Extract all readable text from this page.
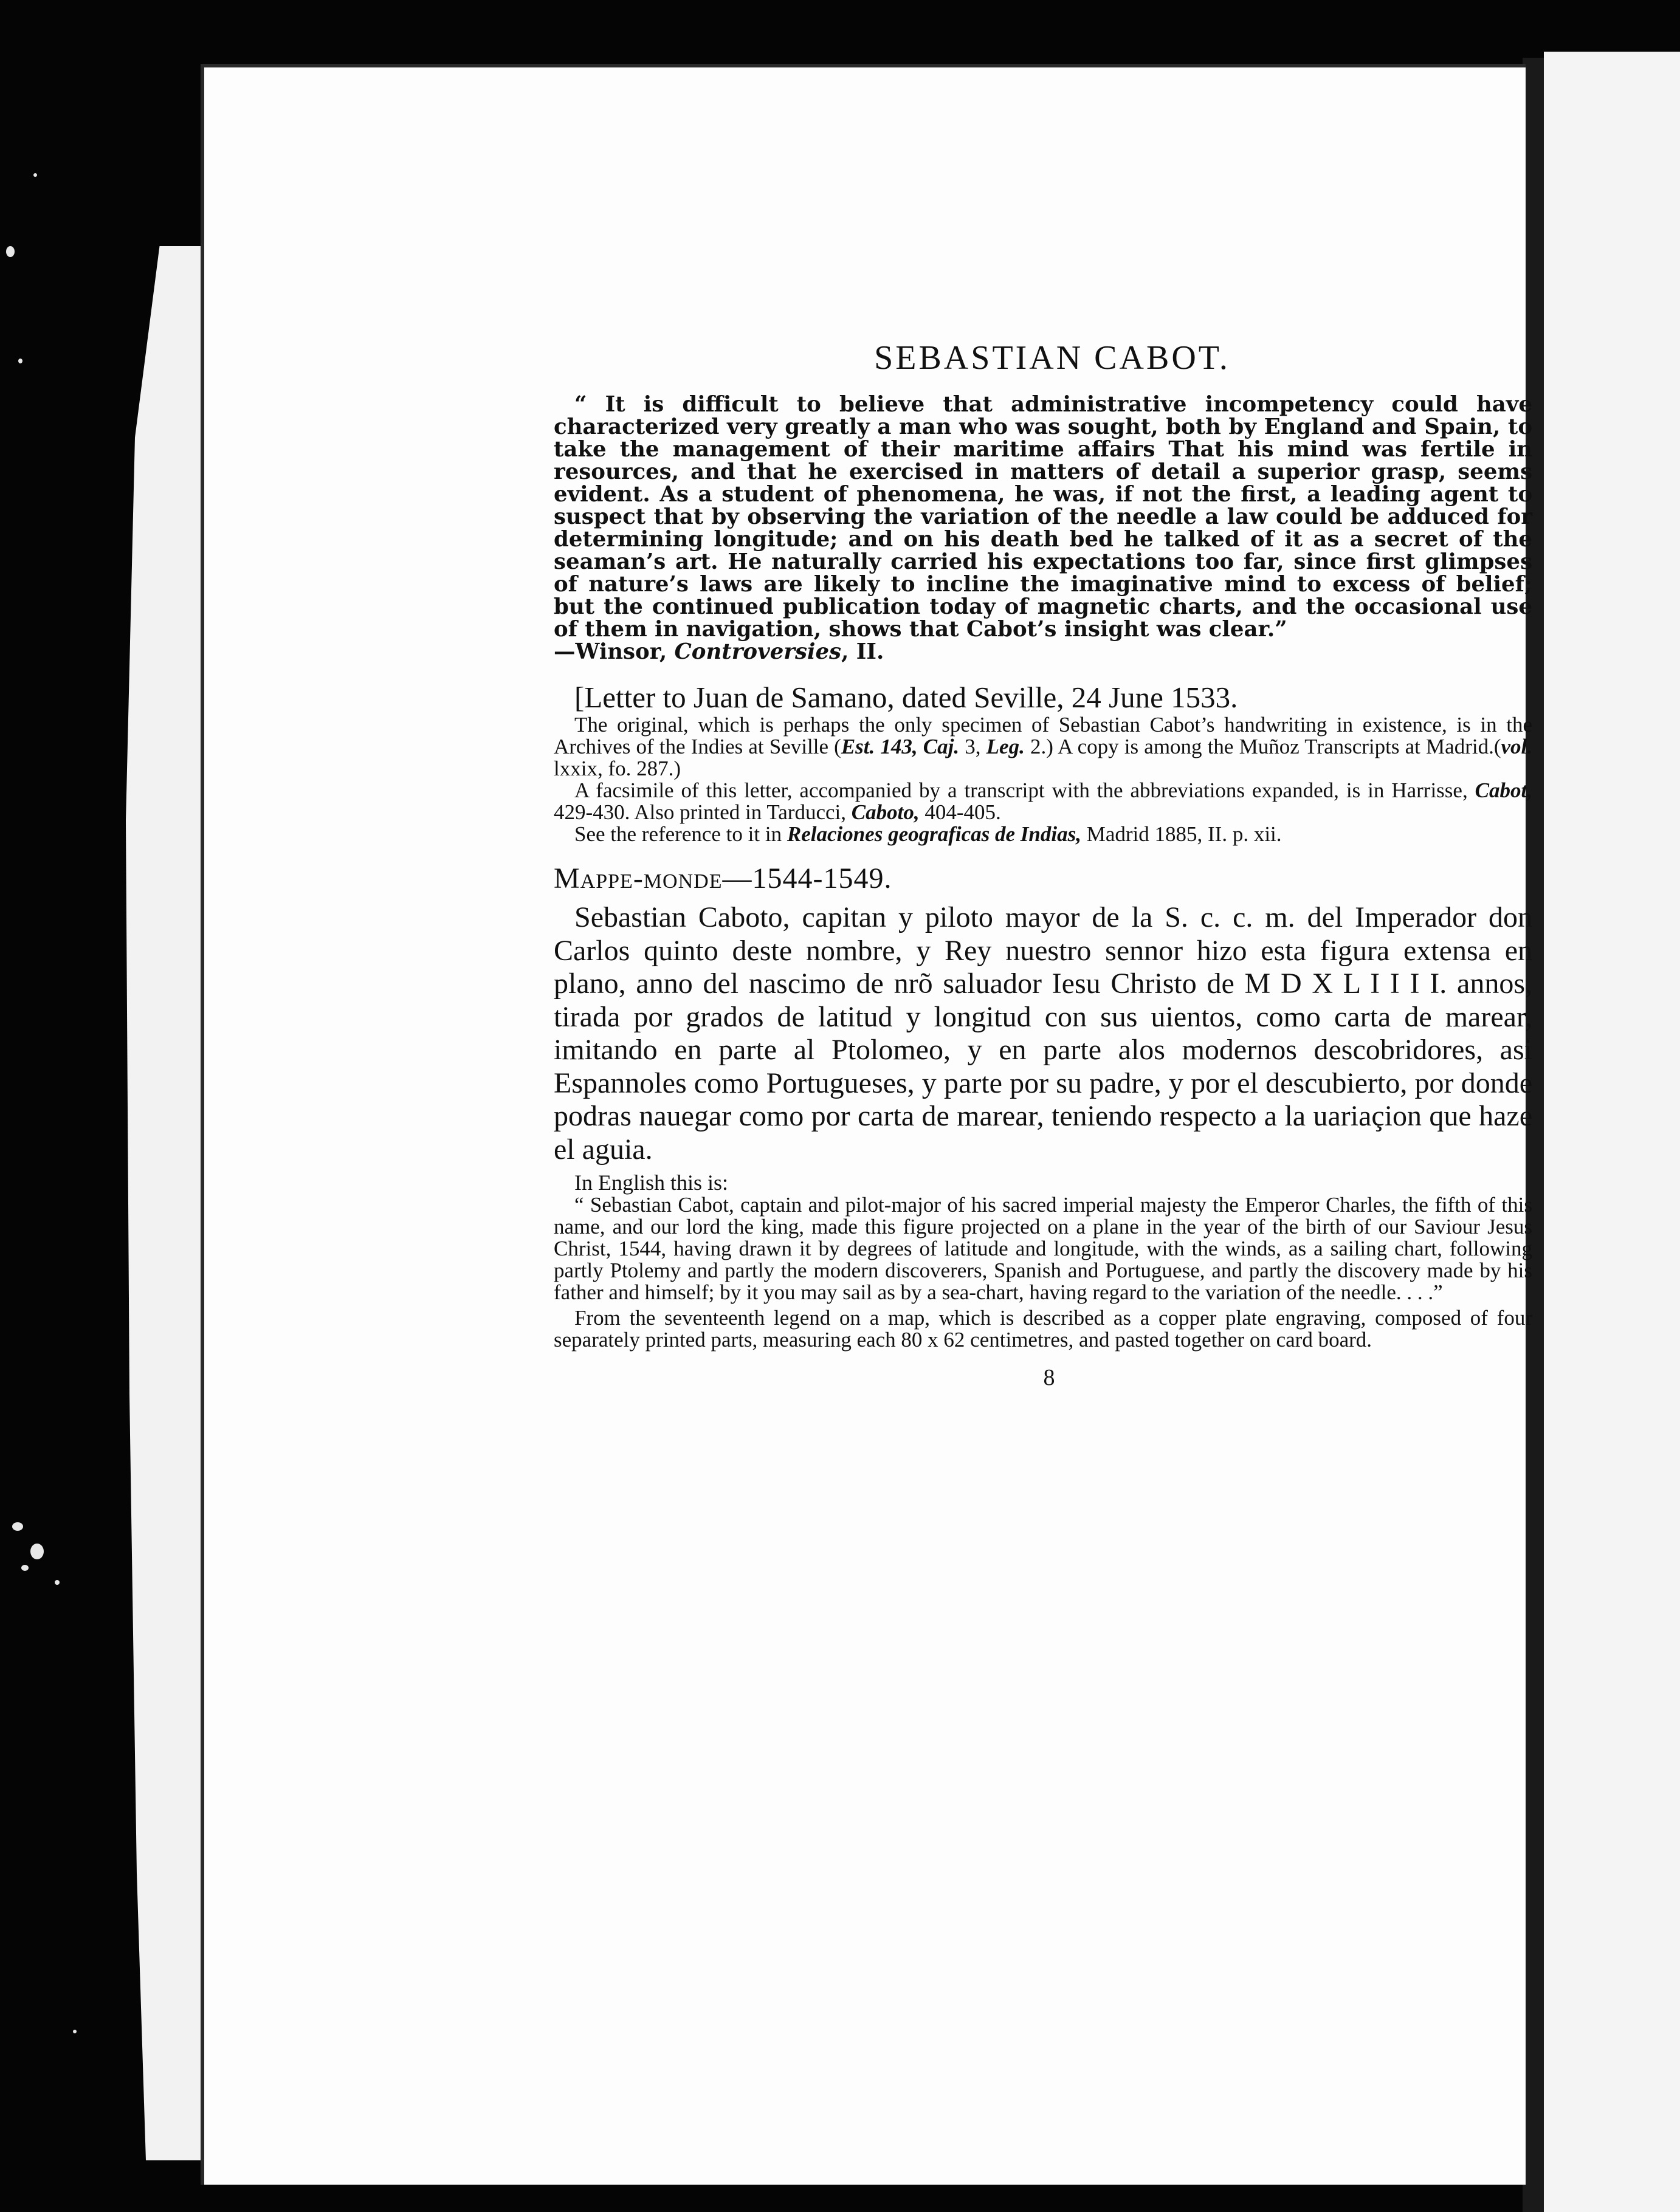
SEBASTIAN CABOT.

“ It is difficult to believe that administrative incompetency could have characterized very greatly a man who was sought, both by England and Spain, to take the management of their maritime affairs That his mind was fertile in resources, and that he exercised in matters of detail a superior grasp, seems evident. As a student of phenomena, he was, if not the first, a leading agent to suspect that by observing the variation of the needle a law could be adduced for determining longitude; and on his death bed he talked of it as a secret of the seaman’s art. He naturally carried his expectations too far, since first glimpses of nature’s laws are likely to incline the imaginative mind to excess of belief; but the continued publication today of magnetic charts, and the occasional use of them in navigation, shows that Cabot’s insight was clear.”

—Winsor, Controversies, II.

[Letter to Juan de Samano, dated Seville, 24 June 1533.

The original, which is perhaps the only specimen of Sebastian Cabot’s handwriting in existence, is in the Archives of the Indies at Seville (Est. 143, Caj. 3, Leg. 2.) A copy is among the Muñoz Transcripts at Madrid.(vol. lxxix, fo. 287.)

A facsimile of this letter, accompanied by a transcript with the abbreviations expanded, is in Harrisse, Cabot, 429-430. Also printed in Tarducci, Caboto, 404-405.

See the reference to it in Relaciones geograficas de Indias, Madrid 1885, II. p. xii.

Mappe-monde—1544-1549.

Sebastian Caboto, capitan y piloto mayor de la S. c. c. m. del Imperador don Carlos quinto deste nombre, y Rey nuestro sennor hizo esta figura extensa en plano, anno del nascimo de nrõ saluador Iesu Christo de M D X L I I I I. annos, tirada por grados de latitud y longitud con sus uientos, como carta de marear, imitando en parte al Ptolomeo, y en parte alos modernos descobridores, asi Espannoles como Portugueses, y parte por su padre, y por el descubierto, por donde podras nauegar como por carta de marear, teniendo respecto a la uariaçion que haze el aguia.

In English this is:

“ Sebastian Cabot, captain and pilot-major of his sacred imperial majesty the Emperor Charles, the fifth of this name, and our lord the king, made this figure projected on a plane in the year of the birth of our Saviour Jesus Christ, 1544, having drawn it by degrees of latitude and longitude, with the winds, as a sailing chart, following partly Ptolemy and partly the modern discoverers, Spanish and Portuguese, and partly the discovery made by his father and himself; by it you may sail as by a sea-chart, having regard to the variation of the needle. . . .”

From the seventeenth legend on a map, which is described as a copper plate engraving, composed of four separately printed parts, measuring each 80 x 62 centimetres, and pasted together on card board.

8
